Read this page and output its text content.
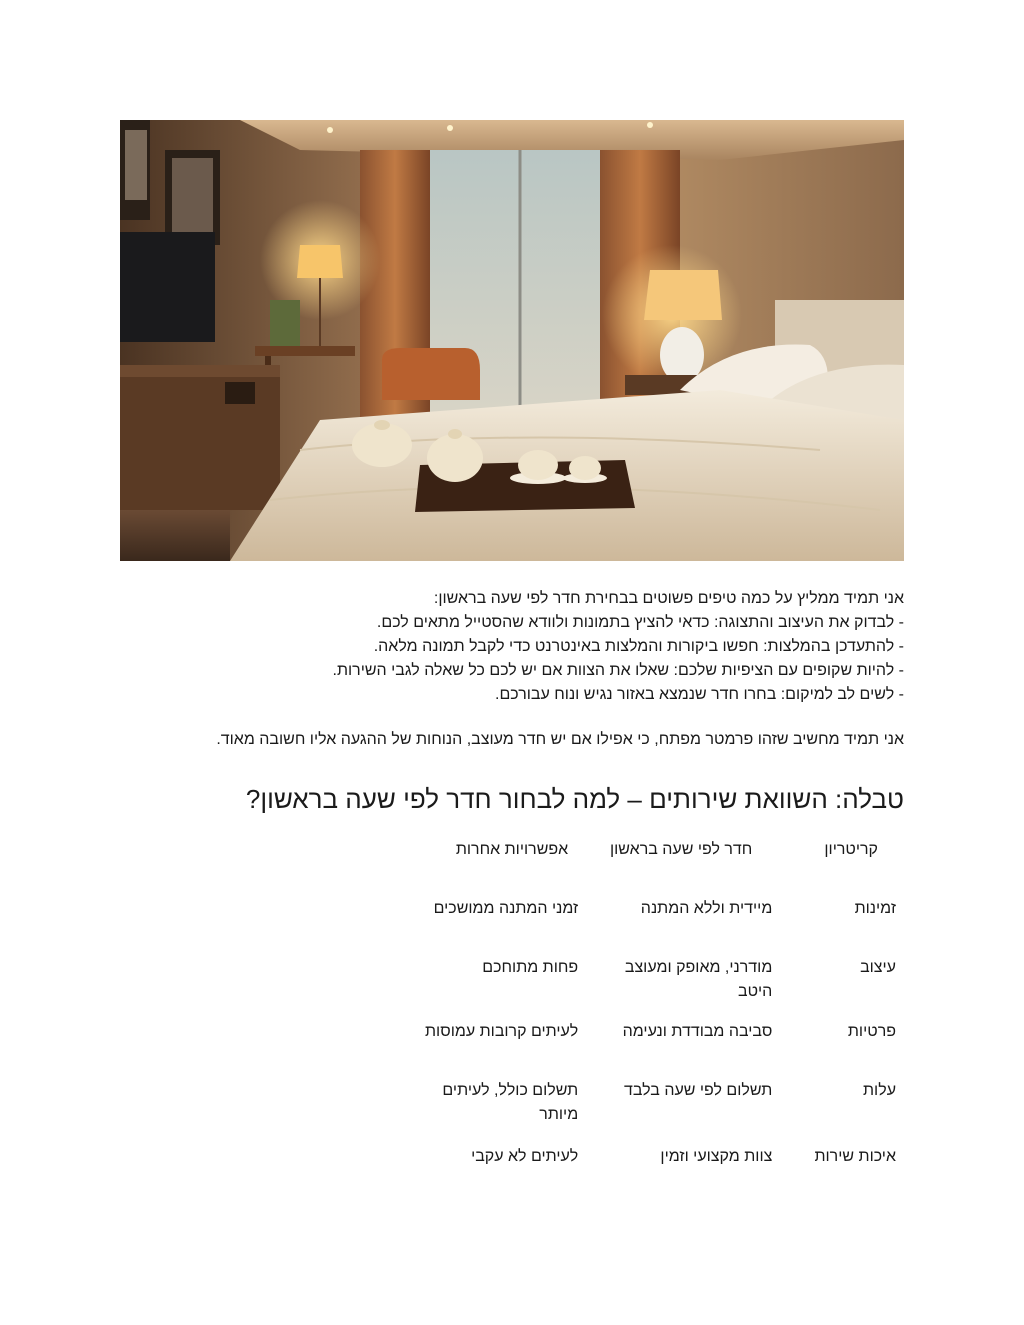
אני תמיד ממליץ על כמה טיפים פשוטים בבחירת חדר לפי שעה בראשון:
- לבדוק את העיצוב והתצוגה: כדאי להציץ בתמונות ולוודא שהסטייל מתאים לכם.
- להתעדכן בהמלצות: חפשו ביקורות והמלצות באינטרנט כדי לקבל תמונה מלאה.
- להיות שקופים עם הציפיות שלכם: שאלו את הצוות אם יש לכם כל שאלה לגבי השירות.
- לשים לב למיקום: בחרו חדר שנמצא באזור נגיש ונוח עבורכם.

אני תמיד מחשיב שזהו פרמטר מפתח, כי אפילו אם יש חדר מעוצב, הנוחות של ההגעה אליו חשובה מאוד.

טבלה: השוואת שירותים – למה לבחור חדר לפי שעה בראשון?
קריטריון	חדר לפי שעה בראשון	אפשרויות אחרות
זמינות	מיידית וללא המתנה	זמני המתנה ממושכים
עיצוב	מודרני, מאופק ומעוצב היטב	פחות מתוחכם
פרטיות	סביבה מבודדת ונעימה	לעיתים קרובות עמוסות
עלות	תשלום לפי שעה בלבד	תשלום כולל, לעיתים מיותר
איכות שירות	צוות מקצועי וזמין	לעיתים לא עקבי
